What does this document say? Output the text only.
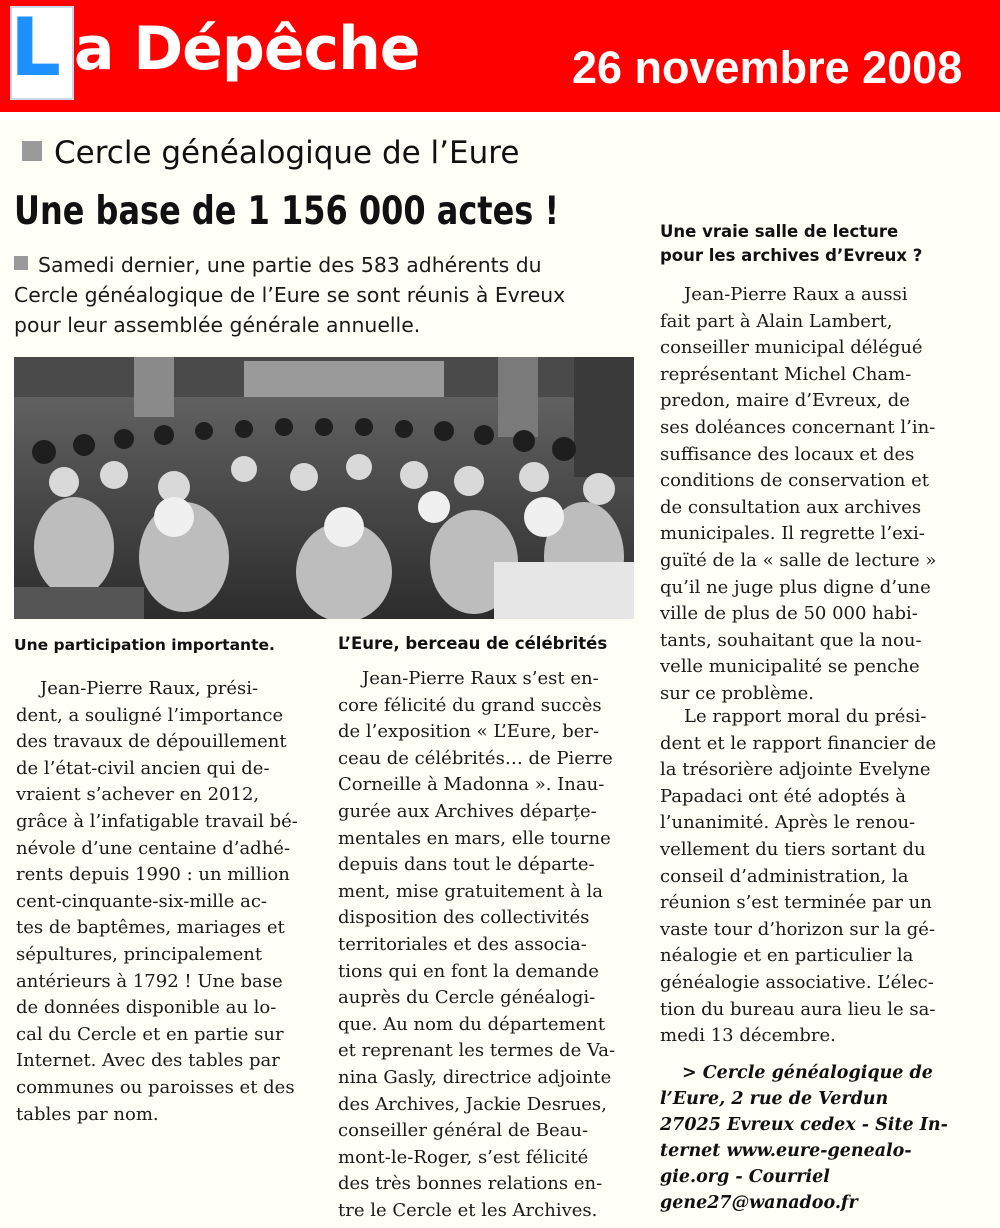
L a Dépêche	26 novembre 2008
Cercle généalogique de l’Eure
Une base de 1 156 000 actes !
Samedi dernier, une partie des 583 adhérents du
Cercle généalogique de l’Eure se sont réunis à Evreux
pour leur assemblée générale annuelle.
Une participation importante.
Jean-Pierre Raux, prési-
dent, a souligné l’importance
des travaux de dépouillement
de l’état-civil ancien qui de-
vraient s’achever en 2012,
grâce à l’infatigable travail bé-
névole d’une centaine d’adhé-
rents depuis 1990 : un million
cent-cinquante-six-mille ac-
tes de baptêmes, mariages et
sépultures, principalement
antérieurs à 1792 ! Une base
de données disponible au lo-
cal du Cercle et en partie sur
Internet. Avec des tables par
communes ou paroisses et des
tables par nom.
L’Eure, berceau de célébrités
Jean-Pierre Raux s’est en-
core félicité du grand succès
de l’exposition « L’Eure, ber-
ceau de célébrités… de Pierre
Corneille à Madonna ». Inau-
gurée aux Archives déparțe-
mentales en mars, elle tourne
depuis dans tout le départe-
ment, mise gratuitement à la
disposition des collectivités
territoriales et des associa-
tions qui en font la demande
auprès du Cercle généalogi-
que. Au nom du département
et reprenant les termes de Va-
nina Gasly, directrice adjointe
des Archives, Jackie Desrues,
conseiller général de Beau-
mont-le-Roger, s’est félicité
des très bonnes relations en-
tre le Cercle et les Archives.
Une vraie salle de lecture
pour les archives d’Evreux ?
Jean-Pierre Raux a aussi
fait part à Alain Lambert,
conseiller municipal délégué
représentant Michel Cham-
predon, maire d’Evreux, de
ses doléances concernant l’in-
suffisance des locaux et des
conditions de conservation et
de consultation aux archives
municipales. Il regrette l’exi-
guïté de la « salle de lecture »
qu’il ne juge plus digne d’une
ville de plus de 50 000 habi-
tants, souhaitant que la nou-
velle municipalité se penche
sur ce problème.
Le rapport moral du prési-
dent et le rapport financier de
la trésorière adjointe Evelyne
Papadaci ont été adoptés à
l’unanimité. Après le renou-
vellement du tiers sortant du
conseil d’administration, la
réunion s’est terminée par un
vaste tour d’horizon sur la gé-
néalogie et en particulier la
généalogie associative. L’élec-
tion du bureau aura lieu le sa-
medi 13 décembre.
> Cercle généalogique de
l’Eure, 2 rue de Verdun
27025 Evreux cedex - Site In-
ternet www.eure-genealo-
gie.org - Courriel
gene27@wanadoo.fr
